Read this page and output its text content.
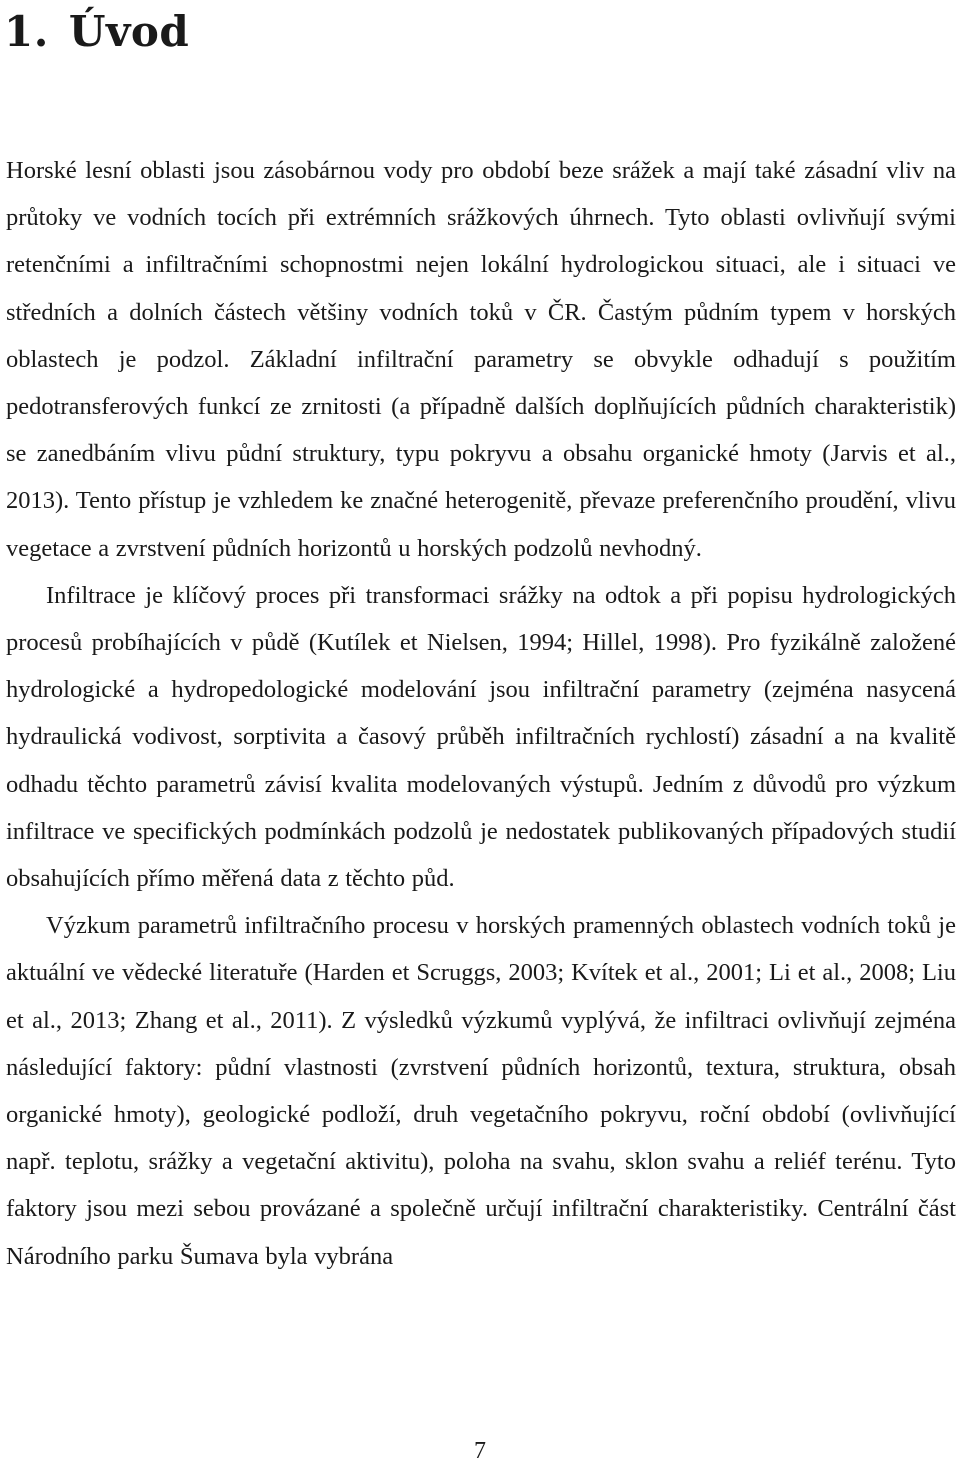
1. Úvod

Horské lesní oblasti jsou zásobárnou vody pro období beze srážek a mají také zásadní vliv na průtoky ve vodních tocích při extrémních srážkových úhrnech. Tyto oblasti ovlivňují svými retenčními a infiltračními schopnostmi nejen lokální hydrologickou situaci, ale i situaci ve středních a dolních částech většiny vodních toků v ČR. Častým půdním typem v horských oblastech je podzol. Základní infiltrační parametry se obvykle odhadují s použitím pedotransferových funkcí ze zrnitosti (a případně dalších doplňujících půdních charakteristik) se zanedbáním vlivu půdní struktury, typu pokryvu a obsahu organické hmoty (Jarvis et al., 2013). Tento přístup je vzhledem ke značné heterogenitě, převaze preferenčního proudění, vlivu vegetace a zvrstvení půdních horizontů u horských podzolů nevhodný.

Infiltrace je klíčový proces při transformaci srážky na odtok a při popisu hydrologických procesů probíhajících v půdě (Kutílek et Nielsen, 1994; Hillel, 1998). Pro fyzikálně založené hydrologické a hydropedologické modelování jsou infiltrační parametry (zejména nasycená hydraulická vodivost, sorptivita a časový průběh infiltračních rychlostí) zásadní a na kvalitě odhadu těchto parametrů závisí kvalita modelovaných výstupů. Jedním z důvodů pro výzkum infiltrace ve specifických podmínkách podzolů je nedostatek publikovaných případových studií obsahujících přímo měřená data z těchto půd.

Výzkum parametrů infiltračního procesu v horských pramenných oblastech vodních toků je aktuální ve vědecké literatuře (Harden et Scruggs, 2003; Kvítek et al., 2001; Li et al., 2008; Liu et al., 2013; Zhang et al., 2011). Z výsledků výzkumů vyplývá, že infiltraci ovlivňují zejména následující faktory: půdní vlastnosti (zvrstvení půdních horizontů, textura, struktura, obsah organické hmoty), geologické podloží, druh vegetačního pokryvu, roční období (ovlivňující např. teplotu, srážky a vegetační aktivitu), poloha na svahu, sklon svahu a reliéf terénu. Tyto faktory jsou mezi sebou provázané a společně určují infiltrační charakteristiky. Centrální část Národního parku Šumava byla vybrána

7
